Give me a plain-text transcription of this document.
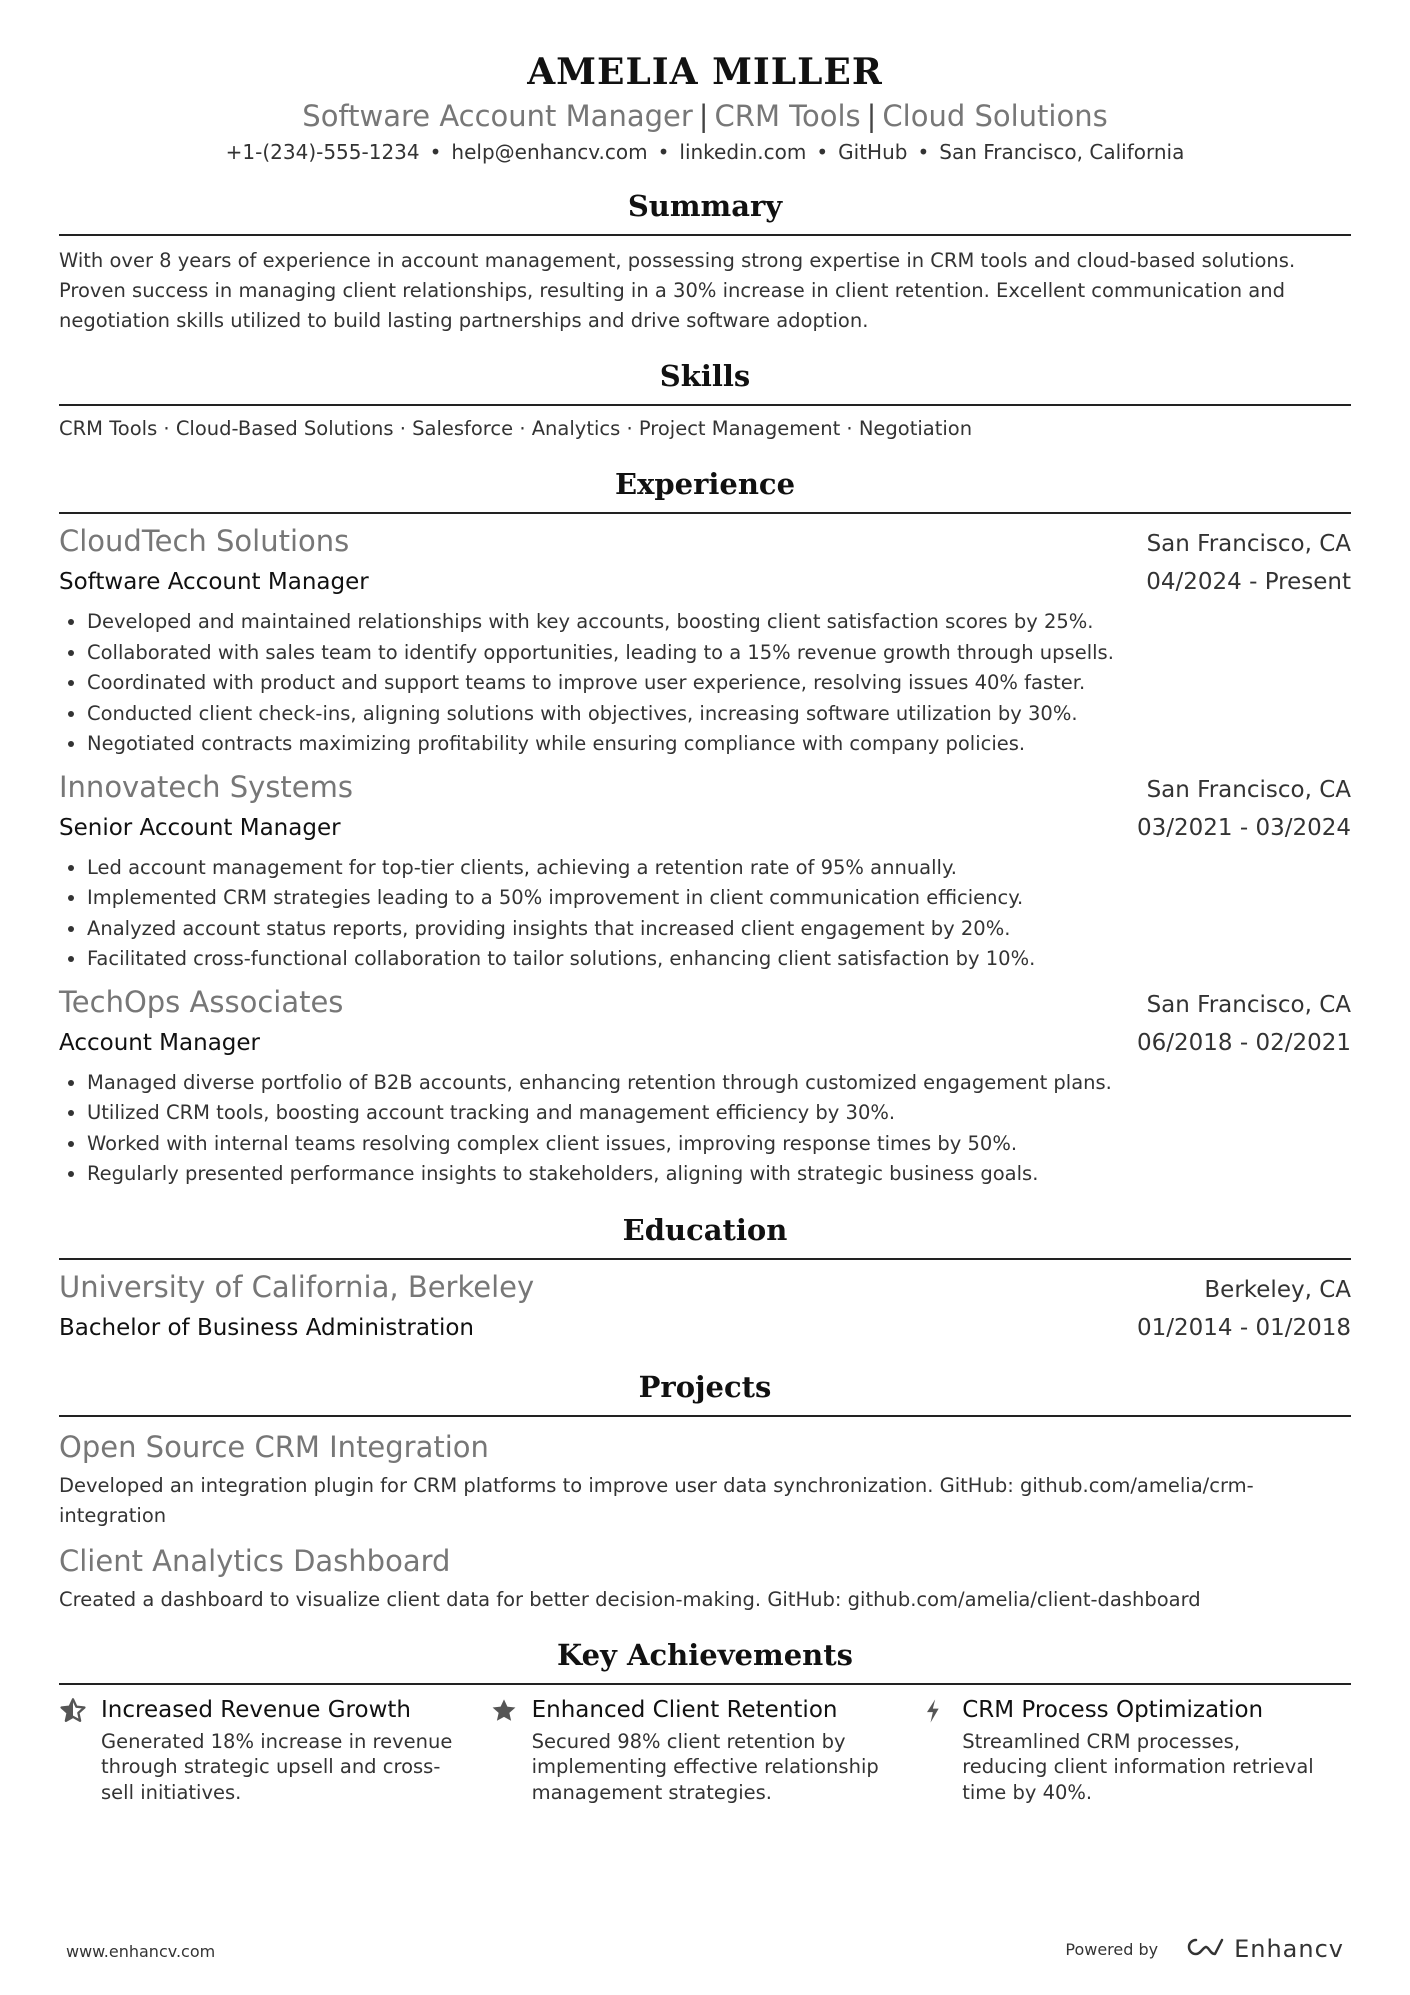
AMELIA MILLER
Software Account Manager | CRM Tools | Cloud Solutions
+1-(234)-555-1234 • help@enhancv.com • linkedin.com • GitHub • San Francisco, California
Summary
With over 8 years of experience in account management, possessing strong expertise in CRM tools and cloud-based solutions. Proven success in managing client relationships, resulting in a 30% increase in client retention. Excellent communication and negotiation skills utilized to build lasting partnerships and drive software adoption.
Skills
CRM Tools · Cloud-Based Solutions · Salesforce · Analytics · Project Management · Negotiation
Experience
CloudTech Solutions	San Francisco, CA
Software Account Manager	04/2024 - Present
• Developed and maintained relationships with key accounts, boosting client satisfaction scores by 25%.
• Collaborated with sales team to identify opportunities, leading to a 15% revenue growth through upsells.
• Coordinated with product and support teams to improve user experience, resolving issues 40% faster.
• Conducted client check-ins, aligning solutions with objectives, increasing software utilization by 30%.
• Negotiated contracts maximizing profitability while ensuring compliance with company policies.
Innovatech Systems	San Francisco, CA
Senior Account Manager	03/2021 - 03/2024
• Led account management for top-tier clients, achieving a retention rate of 95% annually.
• Implemented CRM strategies leading to a 50% improvement in client communication efficiency.
• Analyzed account status reports, providing insights that increased client engagement by 20%.
• Facilitated cross-functional collaboration to tailor solutions, enhancing client satisfaction by 10%.
TechOps Associates	San Francisco, CA
Account Manager	06/2018 - 02/2021
• Managed diverse portfolio of B2B accounts, enhancing retention through customized engagement plans.
• Utilized CRM tools, boosting account tracking and management efficiency by 30%.
• Worked with internal teams resolving complex client issues, improving response times by 50%.
• Regularly presented performance insights to stakeholders, aligning with strategic business goals.
Education
University of California, Berkeley	Berkeley, CA
Bachelor of Business Administration	01/2014 - 01/2018
Projects
Open Source CRM Integration
Developed an integration plugin for CRM platforms to improve user data synchronization. GitHub: github.com/amelia/crm-integration
Client Analytics Dashboard
Created a dashboard to visualize client data for better decision-making. GitHub: github.com/amelia/client-dashboard
Key Achievements
Increased Revenue Growth
Generated 18% increase in revenue through strategic upsell and cross-sell initiatives.
Enhanced Client Retention
Secured 98% client retention by implementing effective relationship management strategies.
CRM Process Optimization
Streamlined CRM processes, reducing client information retrieval time by 40%.
www.enhancv.com	Powered by	Enhancv
